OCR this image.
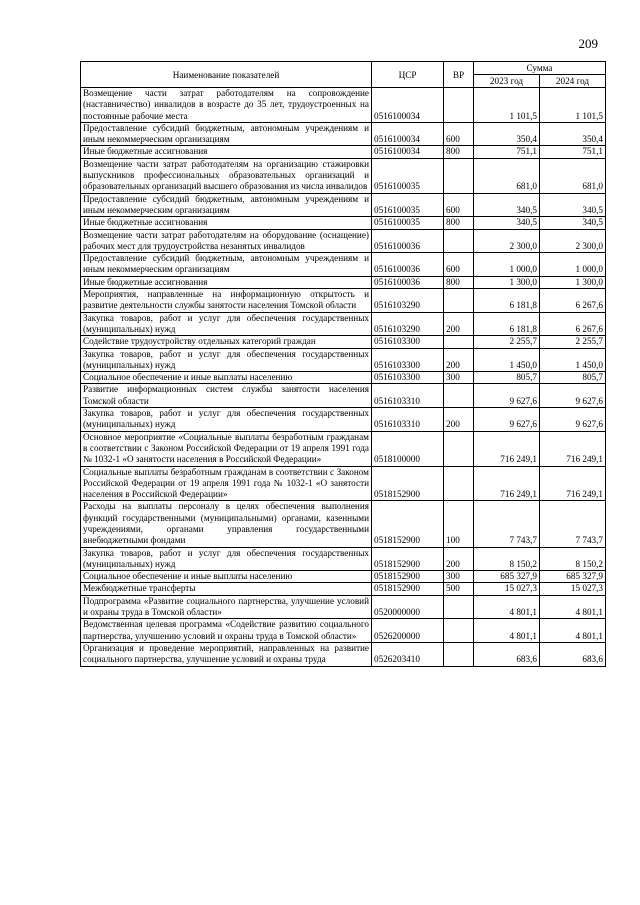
209
Наименование показателей	ЦСР	ВР	Сумма	
			2023 год	2024 год
Возмещение части затрат работодателям на сопровождение (наставничество) инвалидов в возрасте до 35 лет, трудоустроенных на постоянные рабочие места	0516100034		1 101,5	1 101,5
Предоставление субсидий бюджетным, автономным учреждениям и иным некоммерческим организациям	0516100034	600	350,4	350,4
Иные бюджетные ассигнования	0516100034	800	751,1	751,1
Возмещение части затрат работодателям на организацию стажировки выпускников профессиональных образовательных организаций и образовательных организаций высшего образования из числа инвалидов	0516100035		681,0	681,0
Предоставление субсидий бюджетным, автономным учреждениям и иным некоммерческим организациям	0516100035	600	340,5	340,5
Иные бюджетные ассигнования	0516100035	800	340,5	340,5
Возмещение части затрат работодателям на оборудование (оснащение) рабочих мест для трудоустройства незанятых инвалидов	0516100036		2 300,0	2 300,0
Предоставление субсидий бюджетным, автономным учреждениям и иным некоммерческим организациям	0516100036	600	1 000,0	1 000,0
Иные бюджетные ассигнования	0516100036	800	1 300,0	1 300,0
Мероприятия, направленные на информационную открытость и развитие деятельности службы занятости населения Томской области	0516103290		6 181,8	6 267,6
Закупка товаров, работ и услуг для обеспечения государственных (муниципальных) нужд	0516103290	200	6 181,8	6 267,6
Содействие трудоустройству отдельных категорий граждан	0516103300		2 255,7	2 255,7
Закупка товаров, работ и услуг для обеспечения государственных (муниципальных) нужд	0516103300	200	1 450,0	1 450,0
Социальное обеспечение и иные выплаты населению	0516103300	300	805,7	805,7
Развитие информационных систем службы занятости населения Томской области	0516103310		9 627,6	9 627,6
Закупка товаров, работ и услуг для обеспечения государственных (муниципальных) нужд	0516103310	200	9 627,6	9 627,6
Основное мероприятие «Социальные выплаты безработным гражданам в соответствии с Законом Российской Федерации от 19 апреля 1991 года № 1032-1 «О занятости населения в Российской Федерации»	0518100000		716 249,1	716 249,1
Социальные выплаты безработным гражданам в соответствии с Законом Российской Федерации от 19 апреля 1991 года № 1032-1 «О занятости населения в Российской Федерации»	0518152900		716 249,1	716 249,1
Расходы на выплаты персоналу в целях обеспечения выполнения функций государственными (муниципальными) органами, казенными учреждениями, органами управления государственными внебюджетными фондами	0518152900	100	7 743,7	7 743,7
Закупка товаров, работ и услуг для обеспечения государственных (муниципальных) нужд	0518152900	200	8 150,2	8 150,2
Социальное обеспечение и иные выплаты населению	0518152900	300	685 327,9	685 327,9
Межбюджетные трансферты	0518152900	500	15 027,3	15 027,3
Подпрограмма «Развитие социального партнерства, улучшение условий и охраны труда в Томской области»	0520000000		4 801,1	4 801,1
Ведомственная целевая программа «Содействие развитию социального партнерства, улучшению условий и охраны труда в Томской области»	0526200000		4 801,1	4 801,1
Организация и проведение мероприятий, направленных на развитие социального партнерства, улучшение условий и охраны труда	0526203410		683,6	683,6
